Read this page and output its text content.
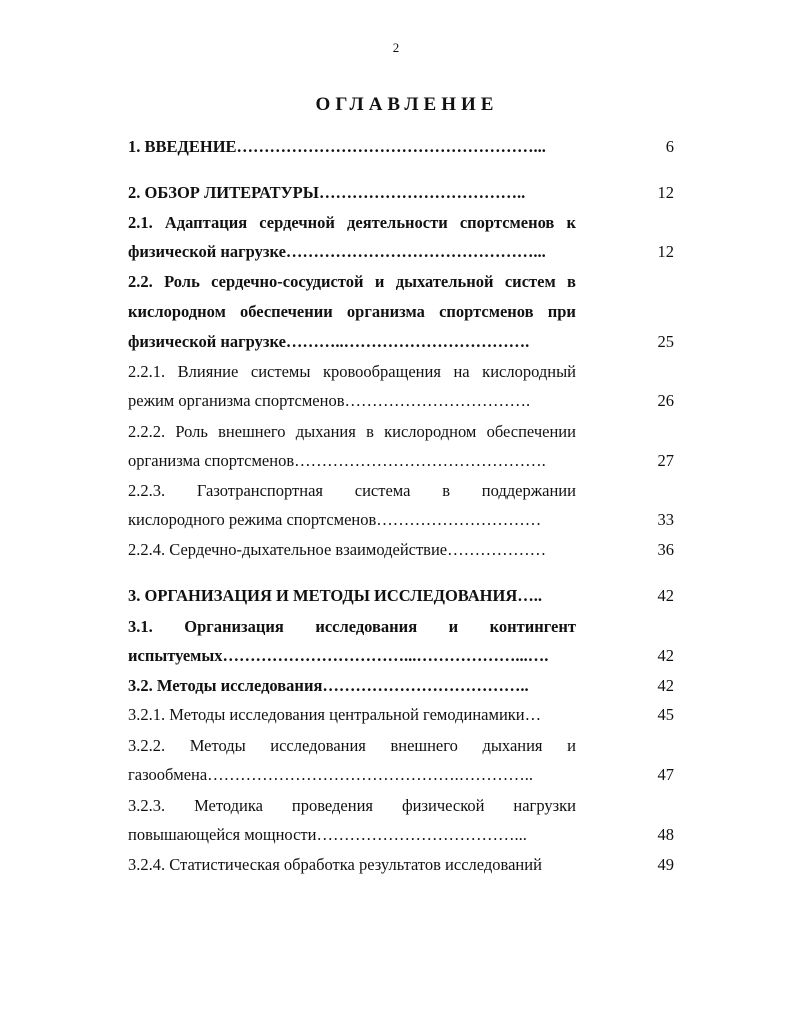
2
ОГЛАВЛЕНИЕ
1. ВВЕДЕНИЕ………………………………………………...	6
2. ОБЗОР ЛИТЕРАТУРЫ………………………………..	12
2.1. Адаптация сердечной деятельности спортсменов к
физической нагрузке………………………………………...	12
2.2. Роль сердечно-сосудистой и дыхательной систем в
кислородном обеспечении организма спортсменов при
физической нагрузке………..…………………………….	25
2.2.1. Влияние системы кровообращения на кислородный
режим организма спортсменов…………………………….	26
2.2.2. Роль внешнего дыхания в кислородном обеспечении
организма спортсменов……………………………………….	27
2.2.3. Газотранспортная система в поддержании
кислородного режима спортсменов…………………………	33
2.2.4. Сердечно-дыхательное взаимодействие………………	36
3. ОРГАНИЗАЦИЯ И МЕТОДЫ ИССЛЕДОВАНИЯ…..	42
3.1. Организация исследования и контингент
испытуемых……………………………...………………...….	42
3.2. Методы исследования………………………………..	42
3.2.1. Методы исследования центральной гемодинамики…	45
3.2.2. Методы исследования внешнего дыхания и
газообмена……………………………………….…………..	47
3.2.3. Методика проведения физической нагрузки
повышающейся мощности………………………………...	48
3.2.4. Статистическая обработка результатов исследований	49
